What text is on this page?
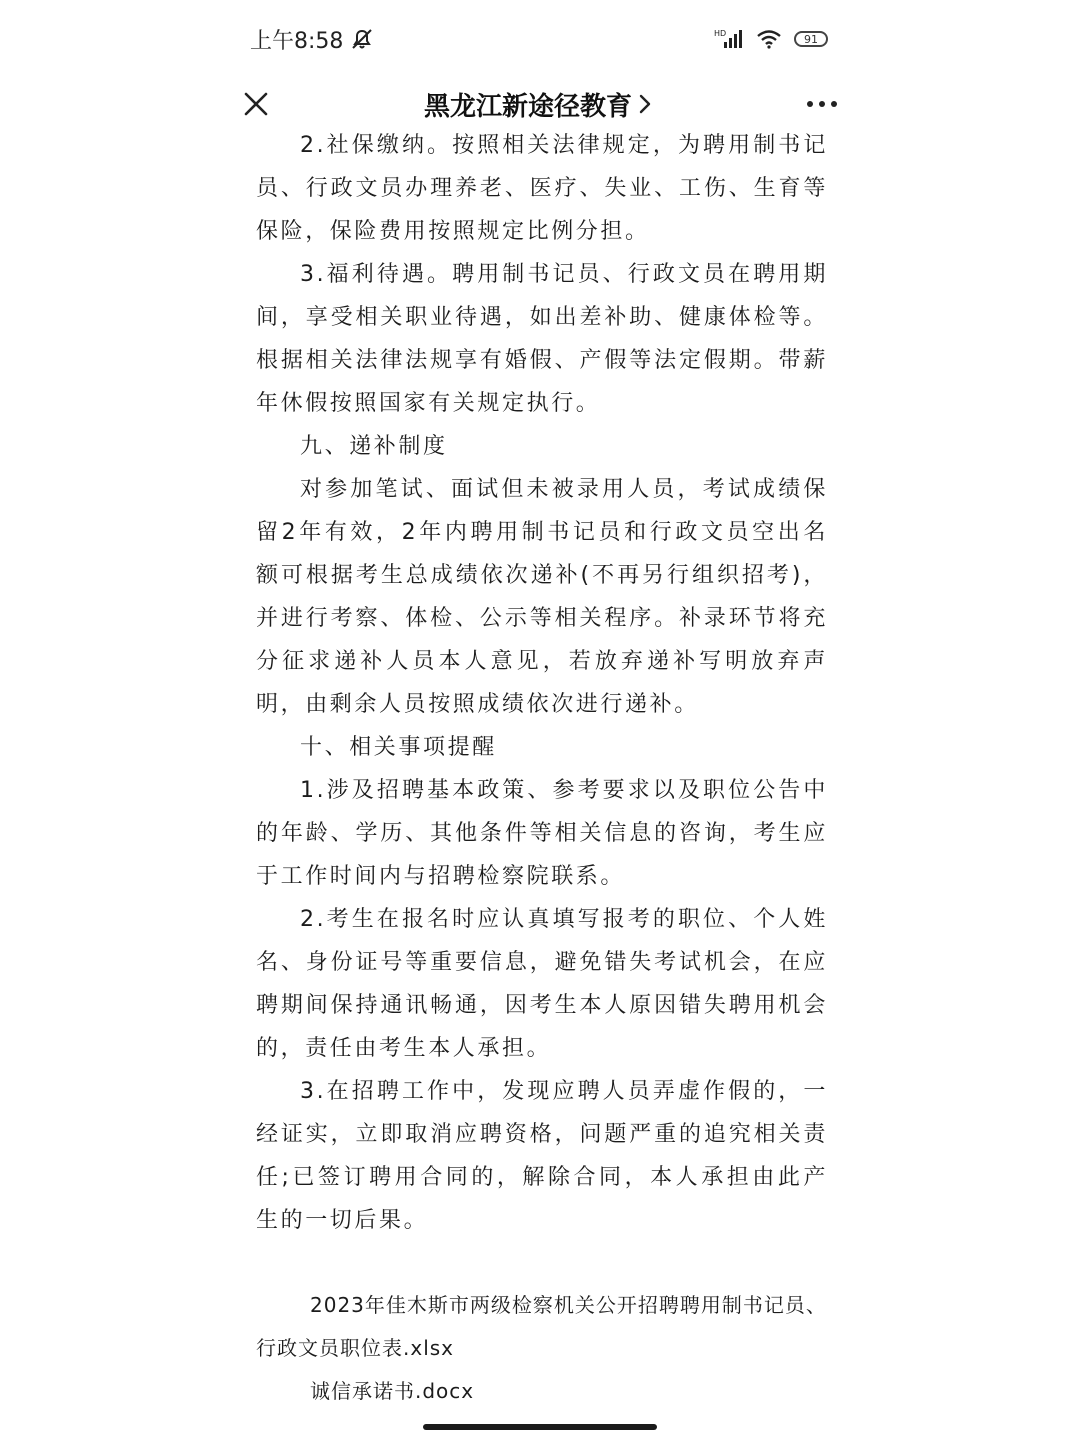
上午8:58	HD	91
黑龙江新途径教育

2.社保缴纳。按照相关法律规定，为聘用制书记员、行政文员办理养老、医疗、失业、工伤、生育等保险，保险费用按照规定比例分担。

3.福利待遇。聘用制书记员、行政文员在聘用期间，享受相关职业待遇，如出差补助、健康体检等。根据相关法律法规享有婚假、产假等法定假期。带薪年休假按照国家有关规定执行。

九、递补制度

对参加笔试、面试但未被录用人员，考试成绩保留2年有效，2年内聘用制书记员和行政文员空出名额可根据考生总成绩依次递补(不再另行组织招考)，并进行考察、体检、公示等相关程序。补录环节将充分征求递补人员本人意见，若放弃递补写明放弃声明，由剩余人员按照成绩依次进行递补。

十、相关事项提醒

1.涉及招聘基本政策、参考要求以及职位公告中的年龄、学历、其他条件等相关信息的咨询，考生应于工作时间内与招聘检察院联系。

2.考生在报名时应认真填写报考的职位、个人姓名、身份证号等重要信息，避免错失考试机会，在应聘期间保持通讯畅通，因考生本人原因错失聘用机会的，责任由考生本人承担。

3.在招聘工作中，发现应聘人员弄虚作假的，一经证实，立即取消应聘资格，问题严重的追究相关责任;已签订聘用合同的，解除合同，本人承担由此产生的一切后果。

2023年佳木斯市两级检察机关公开招聘聘用制书记员、行政文员职位表.xlsx

诚信承诺书.docx
